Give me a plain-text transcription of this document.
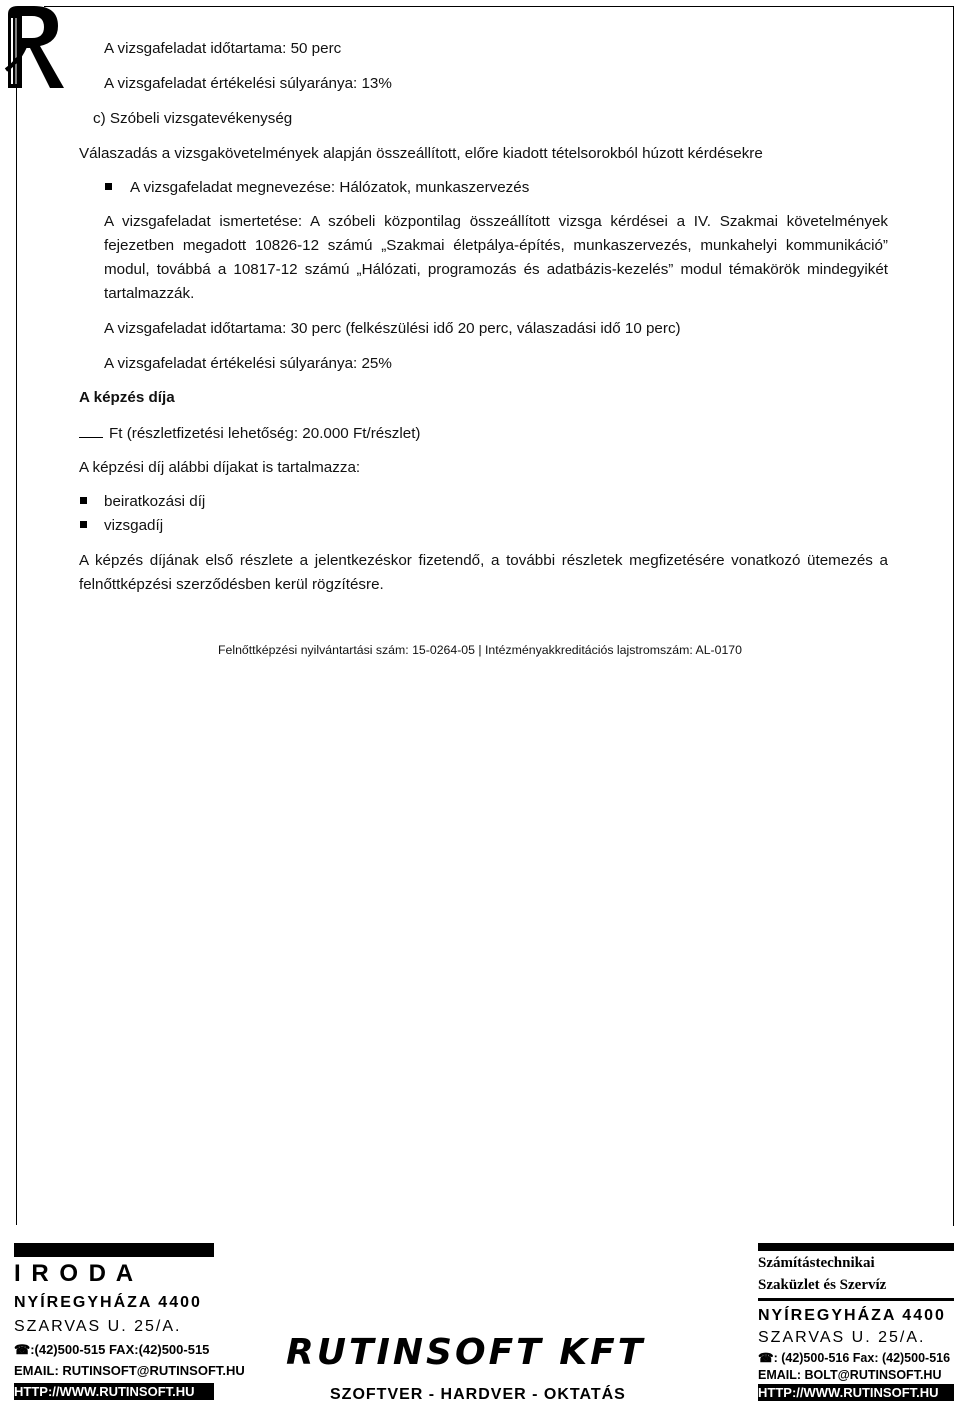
A vizsgafeladat időtartama: 50 perc
A vizsgafeladat értékelési súlyaránya: 13%
c) Szóbeli vizsgatevékenység
Válaszadás a vizsgakövetelmények alapján összeállított, előre kiadott tételsorokból húzott kérdésekre
A vizsgafeladat megnevezése: Hálózatok, munkaszervezés
A vizsgafeladat ismertetése: A szóbeli központilag összeállított vizsga kérdései a IV. Szakmai követelmények fejezetben megadott 10826-12 számú „Szakmai életpálya-építés, munkaszervezés, munkahelyi kommunikáció” modul, továbbá a 10817-12 számú „Hálózati, programozás és adatbázis-kezelés” modul témakörök mindegyikét tartalmazzák.
A vizsgafeladat időtartama: 30 perc (felkészülési idő 20 perc, válaszadási idő 10 perc)
A vizsgafeladat értékelési súlyaránya: 25%
A képzés díja
Ft (részletfizetési lehetőség: 20.000 Ft/részlet)
A képzési díj alábbi díjakat is tartalmazza:
beiratkozási díj
vizsgadíj
A képzés díjának első részlete a jelentkezéskor fizetendő, a további részletek megfizetésére vonatkozó ütemezés a felnőttképzési szerződésben kerül rögzítésre.
Felnőttképzési nyilvántartási szám: 15-0264-05 | Intézményakkreditációs lajstromszám: AL-0170
I R O D A
NYÍREGYHÁZA 4400
SZARVAS U. 25/A.
☎:(42)500-515 FAX:(42)500-515
EMAIL: RUTINSOFT@RUTINSOFT.HU
HTTP://WWW.RUTINSOFT.HU
RUTINSOFT KFT
SZOFTVER - HARDVER - OKTATÁS
Számítástechnikai
Szaküzlet és Szervíz
NYÍREGYHÁZA 4400
SZARVAS U. 25/A.
☎: (42)500-516 Fax: (42)500-516
EMAIL: BOLT@RUTINSOFT.HU
HTTP://WWW.RUTINSOFT.HU
